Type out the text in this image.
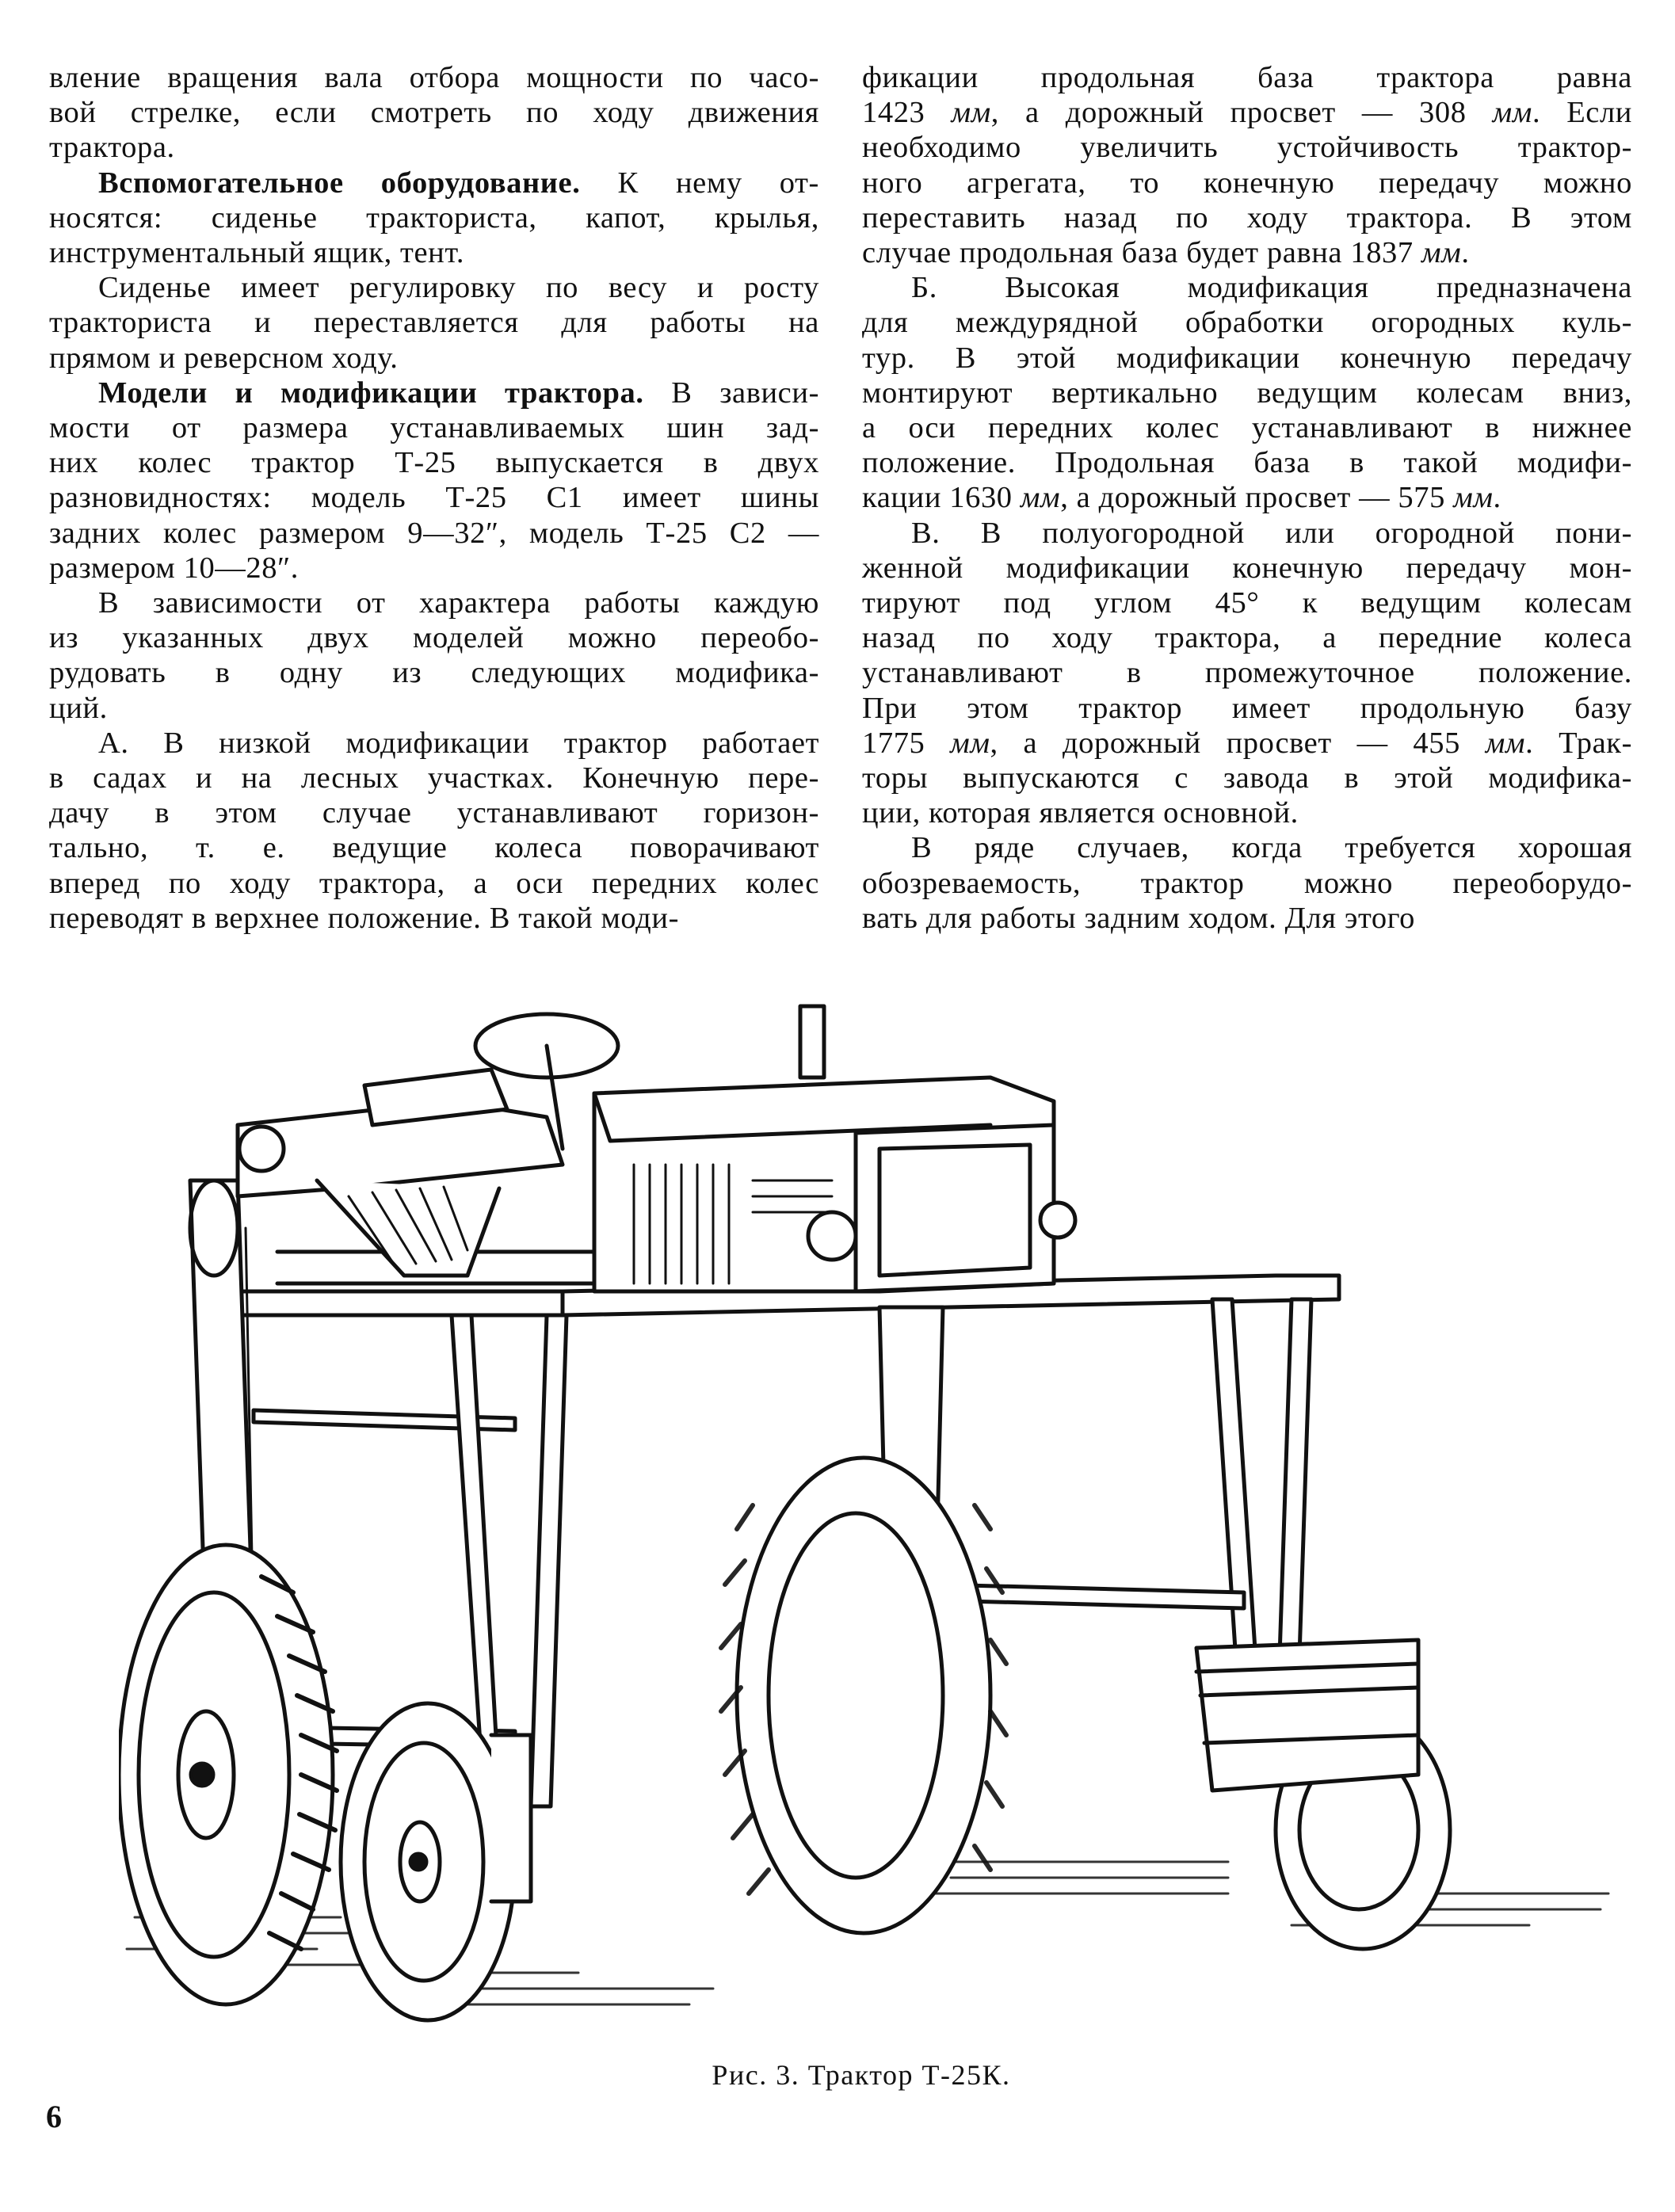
вление вращения вала отбора мощности по часо-
вой стрелке, если смотреть по ходу движения
трактора.

Вспомогательное оборудование. К нему от-
носятся: сиденье тракториста, капот, крылья,
инструментальный ящик, тент.

Сиденье имеет регулировку по весу и росту
тракториста и переставляется для работы на
прямом и реверсном ходу.

Модели и модификации трактора. В зависи-
мости от размера устанавливаемых шин зад-
них колес трактор Т-25 выпускается в двух
разновидностях: модель Т-25 С1 имеет шины
задних колес размером 9—32″, модель Т-25 С2 —
размером 10—28″.

В зависимости от характера работы каждую
из указанных двух моделей можно переобо-
рудовать в одну из следующих модифика-
ций.

А. В низкой модификации трактор работает
в садах и на лесных участках. Конечную пере-
дачу в этом случае устанавливают горизон-
тально, т. е. ведущие колеса поворачивают
вперед по ходу трактора, а оси передних колес
переводят в верхнее положение. В такой моди-

фикации продольная база трактора равна
1423 мм, а дорожный просвет — 308 мм. Если
необходимо увеличить устойчивость трактор-
ного агрегата, то конечную передачу можно
переставить назад по ходу трактора. В этом
случае продольная база будет равна 1837 мм.

Б. Высокая модификация предназначена
для междурядной обработки огородных куль-
тур. В этой модификации конечную передачу
монтируют вертикально ведущим колесам вниз,
а оси передних колес устанавливают в нижнее
положение. Продольная база в такой модифи-
кации 1630 мм, а дорожный просвет — 575 мм.

В. В полуогородной или огородной пони-
женной модификации конечную передачу мон-
тируют под углом 45° к ведущим колесам
назад по ходу трактора, а передние колеса
устанавливают в промежуточное положение.
При этом трактор имеет продольную базу
1775 мм, а дорожный просвет — 455 мм. Трак-
торы выпускаются с завода в этой модифика-
ции, которая является основной.

В ряде случаев, когда требуется хорошая
обозреваемость, трактор можно переоборудо-
вать для работы задним ходом. Для этого

Рис. 3. Трактор Т-25К.
6
